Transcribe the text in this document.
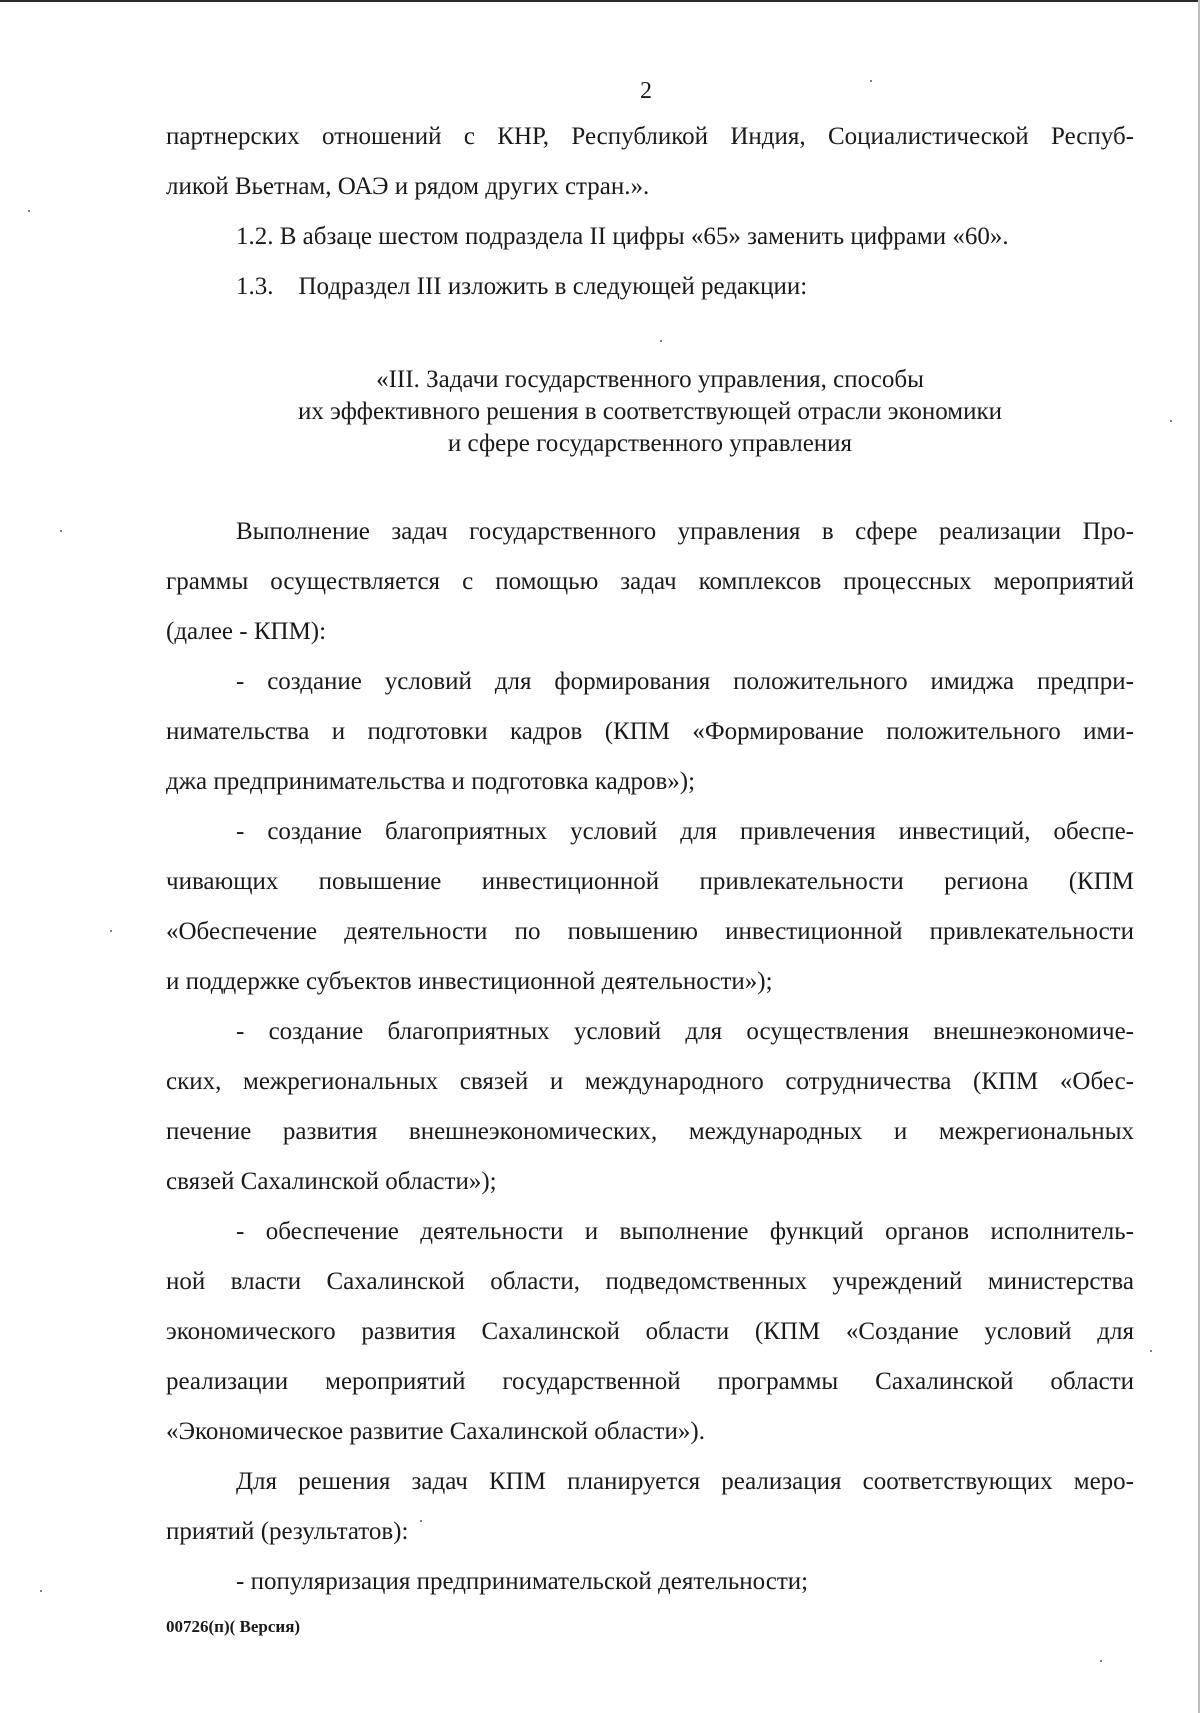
2
партнерских отношений с КНР, Республикой Индия, Социалистической Респуб-
ликой Вьетнам, ОАЭ и рядом других стран.».
1.2. В абзаце шестом подраздела II цифры «65» заменить цифрами «60».
1.3.    Подраздел III изложить в следующей редакции:
«III. Задачи государственного управления, способы
их эффективного решения в соответствующей отрасли экономики
и сфере государственного управления
Выполнение задач государственного управления в сфере реализации Про-
граммы осуществляется с помощью задач комплексов процессных мероприятий
(далее - КПМ):
- создание условий для формирования положительного имиджа предпри-
нимательства и подготовки кадров (КПМ «Формирование положительного ими-
джа предпринимательства и подготовка кадров»);
- создание благоприятных условий для привлечения инвестиций, обеспе-
чивающих повышение инвестиционной привлекательности региона (КПМ
«Обеспечение деятельности по повышению инвестиционной привлекательности
и поддержке субъектов инвестиционной деятельности»);
- создание благоприятных условий для осуществления внешнеэкономиче-
ских, межрегиональных связей и международного сотрудничества (КПМ «Обес-
печение развития внешнеэкономических, международных и межрегиональных
связей Сахалинской области»);
- обеспечение деятельности и выполнение функций органов исполнитель-
ной власти Сахалинской области, подведомственных учреждений министерства
экономического развития Сахалинской области (КПМ «Создание условий для
реализации мероприятий государственной программы Сахалинской области
«Экономическое развитие Сахалинской области»).
Для решения задач КПМ планируется реализация соответствующих меро-
приятий (результатов):
- популяризация предпринимательской деятельности;
00726(п)( Версия)
